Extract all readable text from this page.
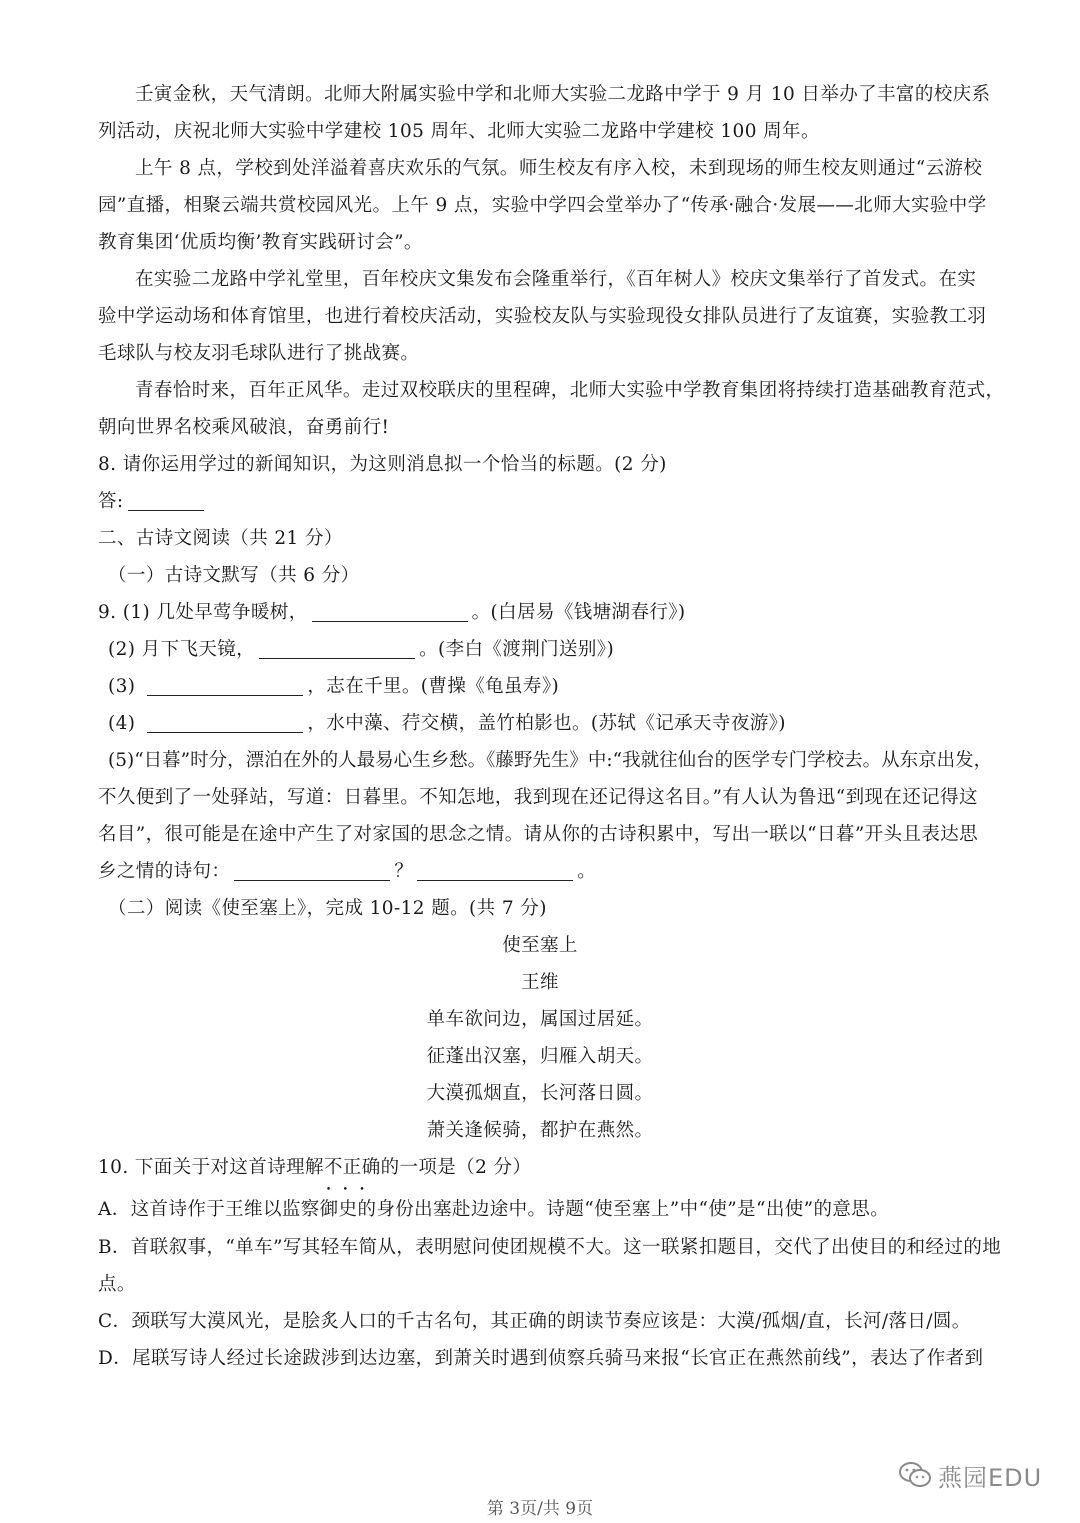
壬寅金秋，天气清朗。北师大附属实验中学和北师大实验二龙路中学于 9 月 10 日举办了丰富的校庆系
列活动，庆祝北师大实验中学建校 105 周年、北师大实验二龙路中学建校 100 周年。
上午 8 点，学校到处洋溢着喜庆欢乐的气氛。师生校友有序入校，未到现场的师生校友则通过“云游校
园”直播，相聚云端共赏校园风光。上午 9 点，实验中学四会堂举办了“传承·融合·发展——北师大实验中学
教育集团‘优质均衡’教育实践研讨会”。
在实验二龙路中学礼堂里，百年校庆文集发布会隆重举行，《百年树人》校庆文集举行了首发式。在实
验中学运动场和体育馆里，也进行着校庆活动，实验校友队与实验现役女排队员进行了友谊赛，实验教工羽
毛球队与校友羽毛球队进行了挑战赛。
青春恰时来，百年正风华。走过双校联庆的里程碑，北师大实验中学教育集团将持续打造基础教育范式，
朝向世界名校乘风破浪，奋勇前行!
8. 请你运用学过的新闻知识，为这则消息拟一个恰当的标题。(2 分)
答:
二、古诗文阅读（共 21 分）
（一）古诗文默写（共 6 分）
9. (1) 几处早莺争暖树，	。(白居易《钱塘湖春行》)
(2) 月下飞天镜，	。(李白《渡荆门送别》)
(3)	，志在千里。(曹操《龟虽寿》)
(4)	，水中藻、荇交横，盖竹柏影也。(苏轼《记承天寺夜游》)
(5)“日暮”时分，漂泊在外的人最易心生乡愁。《藤野先生》中:“我就往仙台的医学专门学校去。从东京出发，
不久便到了一处驿站，写道：日暮里。不知怎地，我到现在还记得这名目。”有人认为鲁迅“到现在还记得这
名目”，很可能是在途中产生了对家国的思念之情。请从你的古诗积累中，写出一联以“日暮”开头且表达思
乡之情的诗句：	？	。
（二）阅读《使至塞上》，完成 10-12 题。(共 7 分)
使至塞上
王维
单车欲问边，属国过居延。
征蓬出汉塞，归雁入胡天。
大漠孤烟直，长河落日圆。
萧关逢候骑，都护在燕然。
10. 下面关于对这首诗理解不正确的一项是（2 分）
A．这首诗作于王维以监察御史的身份出塞赴边途中。诗题“使至塞上”中“使”是“出使”的意思。
B．首联叙事，“单车”写其轻车简从，表明慰问使团规模不大。这一联紧扣题目，交代了出使目的和经过的地
点。
C．颈联写大漠风光，是脍炙人口的千古名句，其正确的朗读节奏应该是：大漠/孤烟/直，长河/落日/圆。
D．尾联写诗人经过长途跋涉到达边塞，到萧关时遇到侦察兵骑马来报“长官正在燕然前线”，表达了作者到
燕园EDU
第 3页/共 9页
